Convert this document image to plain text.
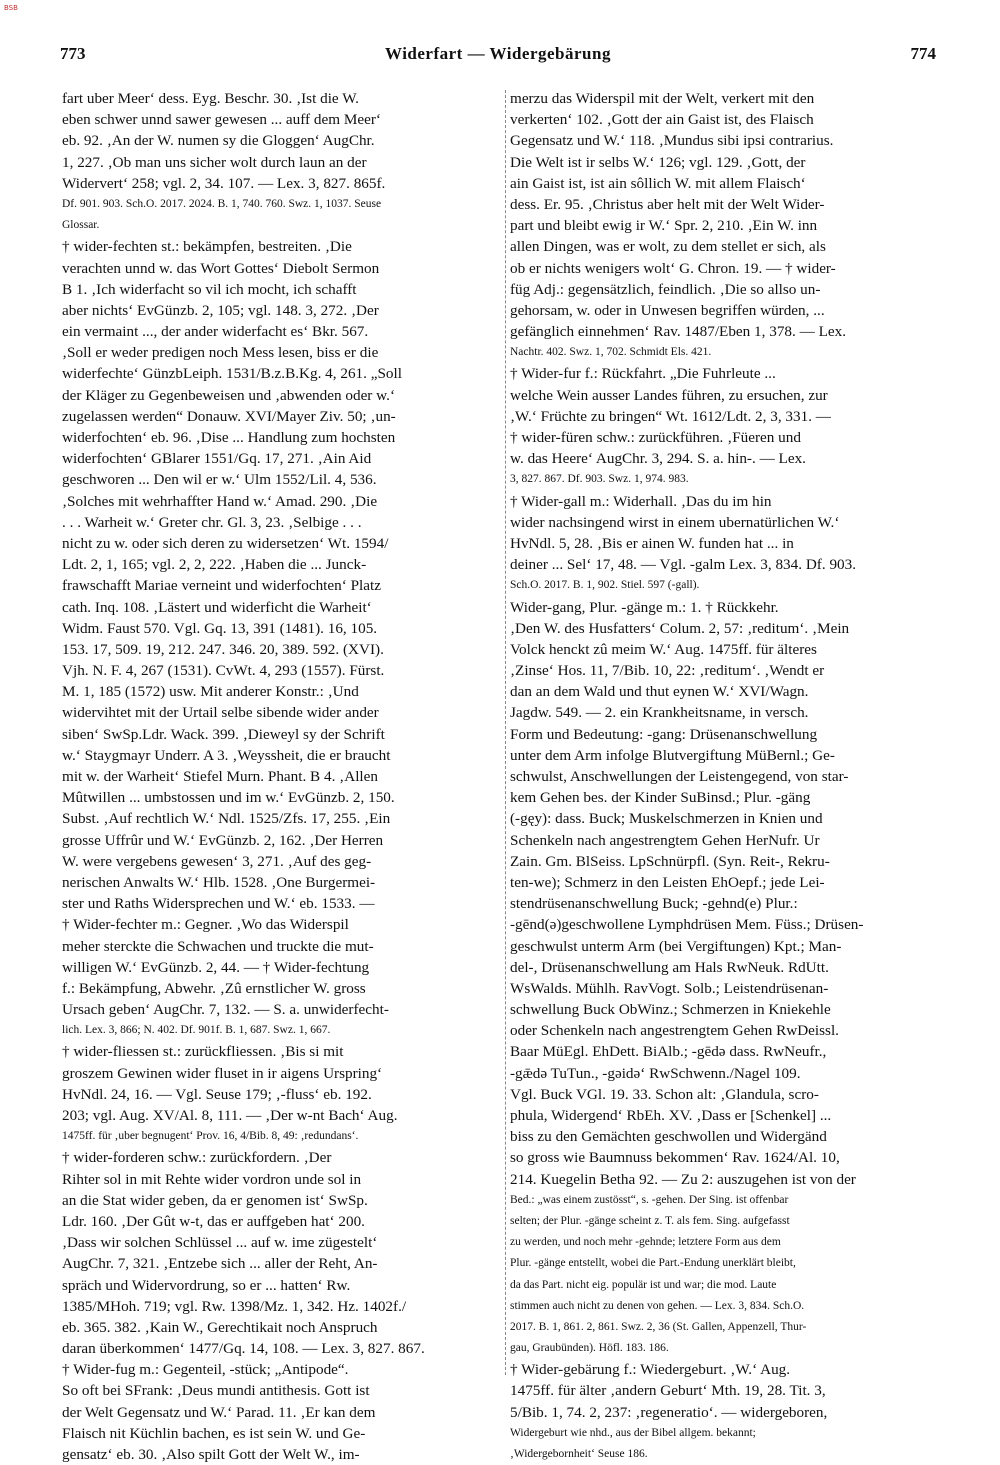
BSB
773	Widerfart — Widergebärung	774
fart uber Meer‘ dess. Eyg. Beschr. 30. ‚Ist die W.
eben schwer unnd sawer gewesen ... auff dem Meer‘
eb. 92. ‚An der W. numen sy die Gloggen‘ AugChr.
1, 227. ‚Ob man uns sicher wolt durch laun an der
Widervert‘ 258; vgl. 2, 34. 107. — Lex. 3, 827. 865f.
Df. 901. 903. Sch.O. 2017. 2024. B. 1, 740. 760. Swz. 1, 1037. Seuse
Glossar.
† wider-fechten st.: bekämpfen, bestreiten. ‚Die
verachten unnd w. das Wort Gottes‘ Diebolt Sermon
B 1. ‚Ich widerfacht so vil ich mocht, ich schafft
aber nichts‘ EvGünzb. 2, 105; vgl. 148. 3, 272. ‚Der
ein vermaint ..., der ander widerfacht es‘ Bkr. 567.
‚Soll er weder predigen noch Mess lesen, biss er die
widerfechte‘ GünzbLeiph. 1531/B.z.B.Kg. 4, 261. „Soll
der Kläger zu Gegenbeweisen und ‚abwenden oder w.‘
zugelassen werden“ Donauw. XVI/Mayer Ziv. 50; ‚un-
widerfochten‘ eb. 96. ‚Dise ... Handlung zum hochsten
widerfochten‘ GBlarer 1551/Gq. 17, 271. ‚Ain Aid
geschworen ... Den wil er w.‘ Ulm 1552/Lil. 4, 536.
‚Solches mit wehrhaffter Hand w.‘ Amad. 290. ‚Die
. . . Warheit w.‘ Greter chr. Gl. 3, 23. ‚Selbige . . .
nicht zu w. oder sich deren zu widersetzen‘ Wt. 1594/
Ldt. 2, 1, 165; vgl. 2, 2, 222. ‚Haben die ... Junck-
frawschafft Mariae verneint und widerfochten‘ Platz
cath. Inq. 108. ‚Lästert und widerficht die Warheit‘
Widm. Faust 570. Vgl. Gq. 13, 391 (1481). 16, 105.
153. 17, 509. 19, 212. 247. 346. 20, 389. 592. (XVI).
Vjh. N. F. 4, 267 (1531). CvWt. 4, 293 (1557). Fürst.
M. 1, 185 (1572) usw. Mit anderer Konstr.: ‚Und
widervihtet mit der Urtail selbe sibende wider ander
siben‘ SwSp.Ldr. Wack. 399. ‚Dieweyl sy der Schrift
w.‘ Staygmayr Underr. A 3. ‚Weyssheit, die er braucht
mit w. der Warheit‘ Stiefel Murn. Phant. B 4. ‚Allen
Mûtwillen ... umbstossen und im w.‘ EvGünzb. 2, 150.
Subst. ‚Auf rechtlich W.‘ Ndl. 1525/Zfs. 17, 255. ‚Ein
grosse Uffrûr und W.‘ EvGünzb. 2, 162. ‚Der Herren
W. were vergebens gewesen‘ 3, 271. ‚Auf des geg-
nerischen Anwalts W.‘ Hlb. 1528. ‚One Burgermei-
ster und Raths Widersprechen und W.‘ eb. 1533. —
† Wider-fechter m.: Gegner. ‚Wo das Widerspil
meher sterckte die Schwachen und truckte die mut-
willigen W.‘ EvGünzb. 2, 44. — † Wider-fechtung
f.: Bekämpfung, Abwehr. ‚Zû ernstlicher W. gross
Ursach geben‘ AugChr. 7, 132. — S. a. unwiderfecht-
lich. Lex. 3, 866; N. 402. Df. 901f. B. 1, 687. Swz. 1, 667.
† wider-fliessen st.: zurückfliessen. ‚Bis si mit
groszem Gewinen wider fluset in ir aigens Urspring‘
HvNdl. 24, 16. — Vgl. Seuse 179; ‚-fluss‘ eb. 192.
203; vgl. Aug. XV/Al. 8, 111. — ‚Der w-nt Bach‘ Aug.
1475ff. für ‚uber begnugent‘ Prov. 16, 4/Bib. 8, 49: ‚redundans‘.
† wider-forderen schw.: zurückfordern. ‚Der
Rihter sol in mit Rehte wider vordron unde sol in
an die Stat wider geben, da er genomen ist‘ SwSp.
Ldr. 160. ‚Der Gût w-t, das er auffgeben hat‘ 200.
‚Dass wir solchen Schlüssel ... auf w. ime zügestelt‘
AugChr. 7, 321. ‚Entzebe sich ... aller der Reht, An-
spräch und Widervordrung, so er ... hatten‘ Rw.
1385/MHoh. 719; vgl. Rw. 1398/Mz. 1, 342. Hz. 1402f./
eb. 365. 382. ‚Kain W., Gerechtikait noch Anspruch
daran überkommen‘ 1477/Gq. 14, 108. — Lex. 3, 827. 867.
† Wider-fug m.: Gegenteil, -stück; „Antipode“.
So oft bei SFrank: ‚Deus mundi antithesis. Gott ist
der Welt Gegensatz und W.‘ Parad. 11. ‚Er kan dem
Flaisch nit Küchlin bachen, es ist sein W. und Ge-
gensatz‘ eb. 30. ‚Also spilt Gott der Welt W., im-
merzu das Widerspil mit der Welt, verkert mit den
verkerten‘ 102. ‚Gott der ain Gaist ist, des Flaisch
Gegensatz und W.‘ 118. ‚Mundus sibi ipsi contrarius.
Die Welt ist ir selbs W.‘ 126; vgl. 129. ‚Gott, der
ain Gaist ist, ist ain sôllich W. mit allem Flaisch‘
dess. Er. 95. ‚Christus aber helt mit der Welt Wider-
part und bleibt ewig ir W.‘ Spr. 2, 210. ‚Ein W. inn
allen Dingen, was er wolt, zu dem stellet er sich, als
ob er nichts wenigers wolt‘ G. Chron. 19. — † wider-
füg Adj.: gegensätzlich, feindlich. ‚Die so allso un-
gehorsam, w. oder in Unwesen begriffen würden, ...
gefänglich einnehmen‘ Rav. 1487/Eben 1, 378. — Lex.
Nachtr. 402. Swz. 1, 702. Schmidt Els. 421.
† Wider-fur f.: Rückfahrt. „Die Fuhrleute ...
welche Wein ausser Landes führen, zu ersuchen, zur
‚W.‘ Früchte zu bringen“ Wt. 1612/Ldt. 2, 3, 331. —
† wider-füren schw.: zurückführen. ‚Füeren und
w. das Heere‘ AugChr. 3, 294. S. a. hin-. — Lex.
3, 827. 867. Df. 903. Swz. 1, 974. 983.
† Wider-gall m.: Widerhall. ‚Das du im hin
wider nachsingend wirst in einem ubernatürlichen W.‘
HvNdl. 5, 28. ‚Bis er ainen W. funden hat ... in
deiner ... Sel‘ 17, 48. — Vgl. -galm Lex. 3, 834. Df. 903.
Sch.O. 2017. B. 1, 902. Stiel. 597 (-gall).
Wider-gang, Plur. -gänge m.: 1. † Rückkehr.
‚Den W. des Husfatters‘ Colum. 2, 57: ‚reditum‘. ‚Mein
Volck henckt zû meim W.‘ Aug. 1475ff. für älteres
‚Zinse‘ Hos. 11, 7/Bib. 10, 22: ‚reditum‘. ‚Wendt er
dan an dem Wald und thut eynen W.‘ XVI/Wagn.
Jagdw. 549. — 2. ein Krankheitsname, in versch.
Form und Bedeutung: -gang: Drüsenanschwellung
unter dem Arm infolge Blutvergiftung MüBernl.; Ge-
schwulst, Anschwellungen der Leistengegend, von star-
kem Gehen bes. der Kinder SuBinsd.; Plur. -gäng
(-gęy): dass. Buck; Muskelschmerzen in Knien und
Schenkeln nach angestrengtem Gehen HerNufr. Ur
Zain. Gm. BlSeiss. LpSchnürpfl. (Syn. Reit-, Rekru-
ten-we); Schmerz in den Leisten EhOepf.; jede Lei-
stendrüsenanschwellung Buck; -gehnd(e) Plur.:
-gēnd(ə)geschwollene Lymphdrüsen Mem. Füss.; Drüsen-
geschwulst unterm Arm (bei Vergiftungen) Kpt.; Man-
del-, Drüsenanschwellung am Hals RwNeuk. RdUtt.
WsWalds. Mühlh. RavVogt. Solb.; Leistendrüsenan-
schwellung Buck ObWinz.; Schmerzen in Kniekehle
oder Schenkeln nach angestrengtem Gehen RwDeissl.
Baar MüEgl. EhDett. BiAlb.; -gēdə dass. RwNeufr.,
-gǣdə TuTun., -gəidə‘ RwSchwenn./Nagel 109.
Vgl. Buck VGl. 19. 33. Schon alt: ‚Glandula, scro-
phula, Widergend‘ RbEh. XV. ‚Dass er [Schenkel] ...
biss zu den Gemächten geschwollen und Widergänd
so gross wie Baumnuss bekommen‘ Rav. 1624/Al. 10,
214. Kuegelin Betha 92. — Zu 2: auszugehen ist von der
Bed.: „was einem zustösst“, s. -gehen. Der Sing. ist offenbar
selten; der Plur. -gänge scheint z. T. als fem. Sing. aufgefasst
zu werden, und noch mehr -gehnde; letztere Form aus dem
Plur. -gänge entstellt, wobei die Part.-Endung unerklärt bleibt,
da das Part. nicht eig. populär ist und war; die mod. Laute
stimmen auch nicht zu denen von gehen. — Lex. 3, 834. Sch.O.
2017. B. 1, 861. 2, 861. Swz. 2, 36 (St. Gallen, Appenzell, Thur-
gau, Graubünden). Höfl. 183. 186.
† Wider-gebärung f.: Wiedergeburt. ‚W.‘ Aug.
1475ff. für älter ‚andern Geburt‘ Mth. 19, 28. Tit. 3,
5/Bib. 1, 74. 2, 237: ‚regeneratio‘. — widergeboren,
Widergeburt wie nhd., aus der Bibel allgem. bekannt;
‚Widergebornheit‘ Seuse 186.
